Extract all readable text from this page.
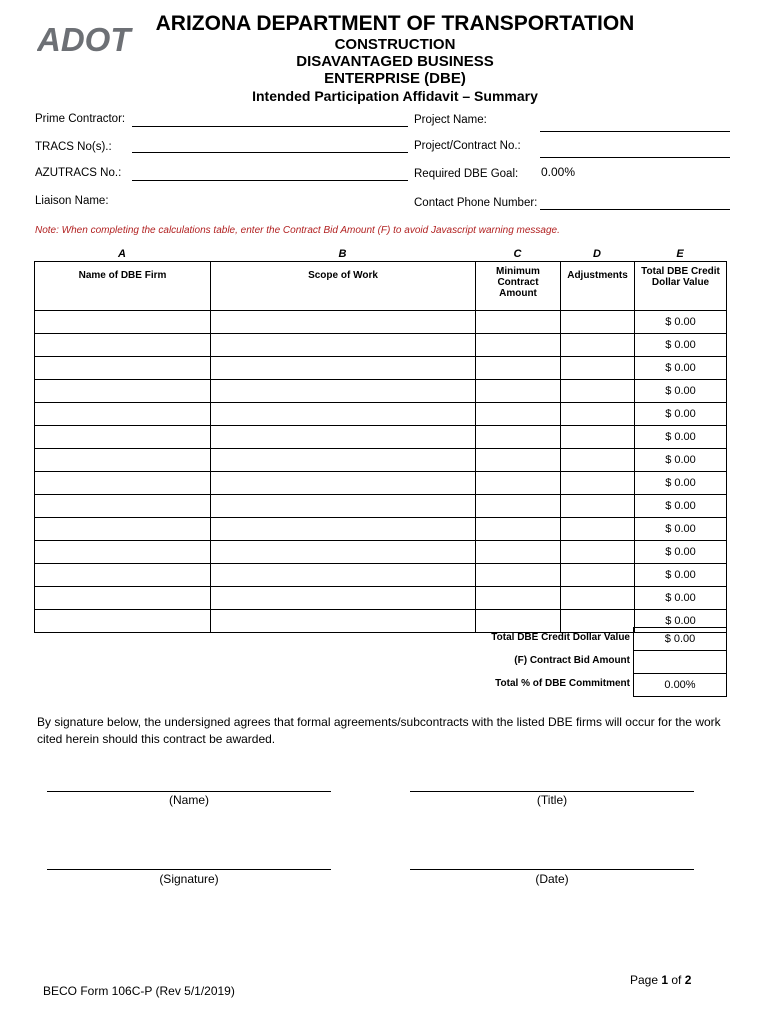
ADOT	ARIZONA DEPARTMENT OF TRANSPORTATION
CONSTRUCTION
DISAVANTAGED BUSINESS
ENTERPRISE (DBE)
Intended Participation Affidavit – Summary
Prime Contractor:
TRACS No(s).:
AZUTRACS No.:
Liaison Name:
Project Name:
Project/Contract No.:
Required DBE Goal: 0.00%
Contact Phone Number:
Note: When completing the calculations table, enter the Contract Bid Amount (F) to avoid Javascript warning message.
A	B	C	D	E
Name of DBE Firm	Scope of Work	Minimum Contract Amount	Adjustments	Total DBE Credit Dollar Value
				$ 0.00
				$ 0.00
				$ 0.00
				$ 0.00
				$ 0.00
				$ 0.00
				$ 0.00
				$ 0.00
				$ 0.00
				$ 0.00
				$ 0.00
				$ 0.00
				$ 0.00
				$ 0.00
Total DBE Credit Dollar Value	$ 0.00
(F) Contract Bid Amount
Total % of DBE Commitment	0.00%
By signature below, the undersigned agrees that formal agreements/subcontracts with the listed DBE firms will occur for the work cited herein should this contract be awarded.
(Name)	(Title)
(Signature)	(Date)
BECO Form 106C-P (Rev 5/1/2019)
Page 1 of 2
